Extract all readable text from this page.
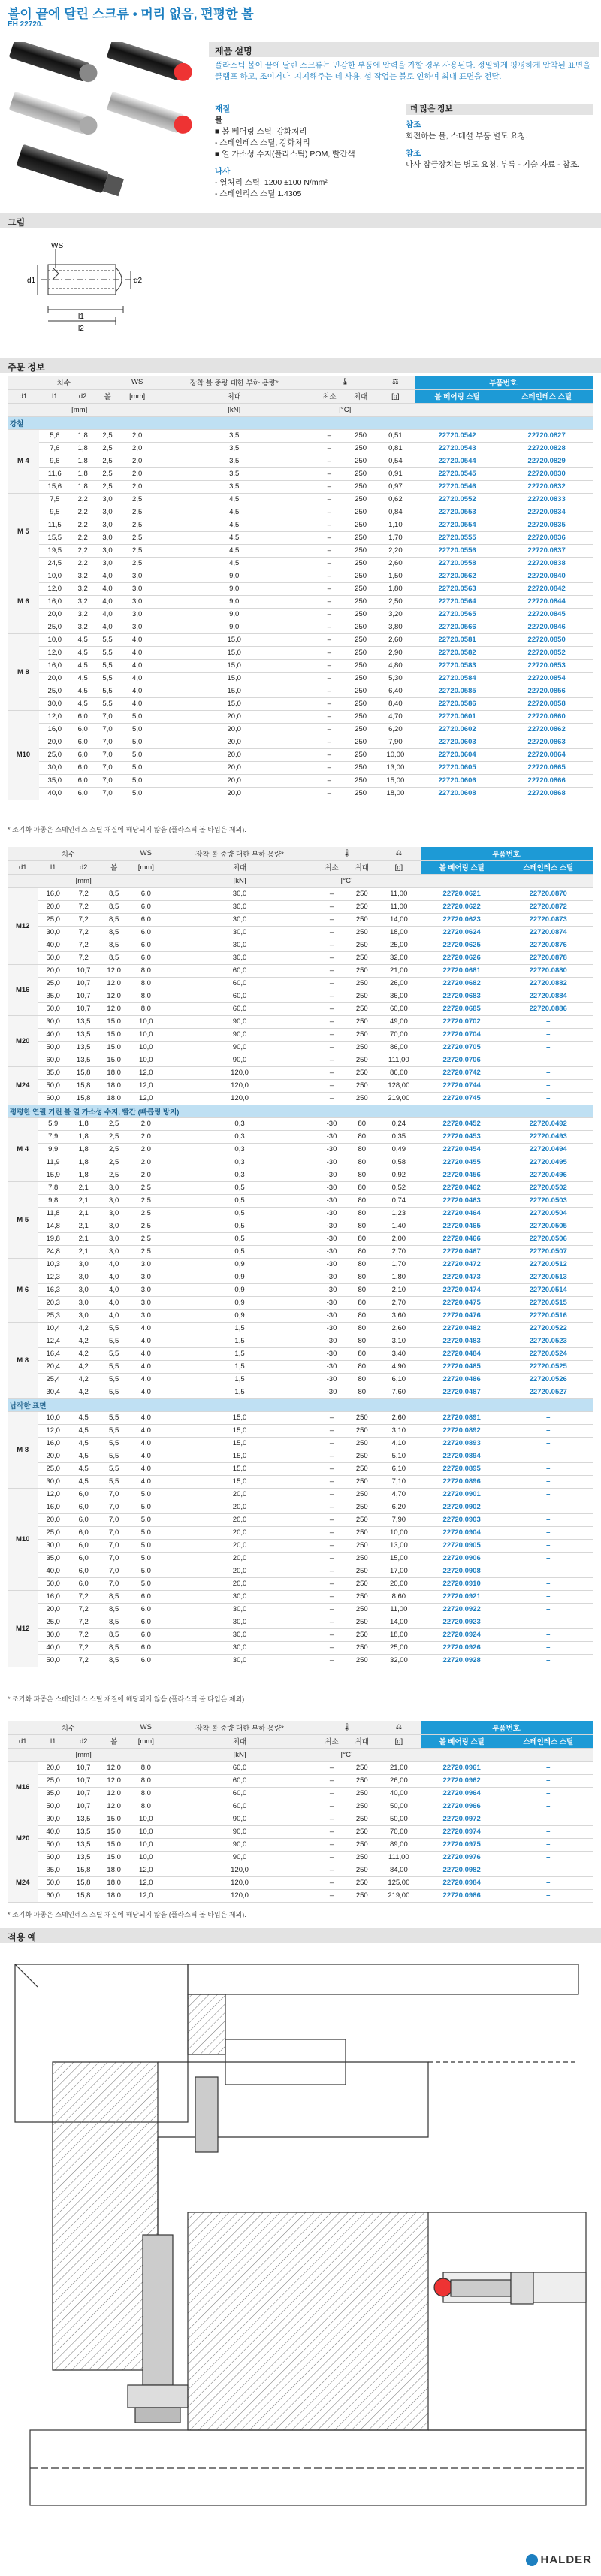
볼이 끝에 달린 스크류 • 머리 없음, 편평한 볼
EH 22720.
제품 설명
플라스틱 볼이 끝에 달린 스크류는 민감한 부품에 압력을 가할 경우 사용된다. 정밀하게 평평하게 압착된 표면을 클램프 하고, 조이거나, 지지해주는 데 사용. 섬 작업는 볼로 인하여 최대 표면을 전달.
재질
볼
■ 볼 베어링 스틸, 강화처리
- 스테인레스 스틸, 강화처리
■ 열 가소성 수지(플라스틱) POM, 빨간색
나사
- 열처리 스틸, 1200 ±100 N/mm²
- 스테인리스 스틸 1.4305
더 많은 정보
참조
회전하는 볼, 스테셜 부품 별도 요청.
참조
나사 잠금장치는 별도 요청. 부록 - 기술 자료 - 참조.
그림
WS
d1	d2
l1
l2
주문 정보
치수				WS	장착 볼 중량 대한 부하 용량*	🌡		⚖	부품번호.	
d1	l1	d2	볼	[mm]	최대	최소	최대	[g]	볼 베어링 스틸	스테인레스 스틸
	[mm]				[kN]	[°C]				
강철										
M 4	5,6	1,8	2,5	2,0	3,5	–	250	0,51	22720.0542	22720.0827
	7,6	1,8	2,5	2,0	3,5	–	250	0,81	22720.0543	22720.0828
	9,6	1,8	2,5	2,0	3,5	–	250	0,54	22720.0544	22720.0829
	11,6	1,8	2,5	2,0	3,5	–	250	0,91	22720.0545	22720.0830
	15,6	1,8	2,5	2,0	3,5	–	250	0,97	22720.0546	22720.0832
M 5	7,5	2,2	3,0	2,5	4,5	–	250	0,62	22720.0552	22720.0833
	9,5	2,2	3,0	2,5	4,5	–	250	0,84	22720.0553	22720.0834
	11,5	2,2	3,0	2,5	4,5	–	250	1,10	22720.0554	22720.0835
	15,5	2,2	3,0	2,5	4,5	–	250	1,70	22720.0555	22720.0836
	19,5	2,2	3,0	2,5	4,5	–	250	2,20	22720.0556	22720.0837
	24,5	2,2	3,0	2,5	4,5	–	250	2,60	22720.0558	22720.0838
M 6	10,0	3,2	4,0	3,0	9,0	–	250	1,50	22720.0562	22720.0840
	12,0	3,2	4,0	3,0	9,0	–	250	1,80	22720.0563	22720.0842
	16,0	3,2	4,0	3,0	9,0	–	250	2,50	22720.0564	22720.0844
	20,0	3,2	4,0	3,0	9,0	–	250	3,20	22720.0565	22720.0845
	25,0	3,2	4,0	3,0	9,0	–	250	3,80	22720.0566	22720.0846
M 8	10,0	4,5	5,5	4,0	15,0	–	250	2,60	22720.0581	22720.0850
	12,0	4,5	5,5	4,0	15,0	–	250	2,90	22720.0582	22720.0852
	16,0	4,5	5,5	4,0	15,0	–	250	4,80	22720.0583	22720.0853
	20,0	4,5	5,5	4,0	15,0	–	250	5,30	22720.0584	22720.0854
	25,0	4,5	5,5	4,0	15,0	–	250	6,40	22720.0585	22720.0856
	30,0	4,5	5,5	4,0	15,0	–	250	8,40	22720.0586	22720.0858
M10	12,0	6,0	7,0	5,0	20,0	–	250	4,70	22720.0601	22720.0860
	16,0	6,0	7,0	5,0	20,0	–	250	6,20	22720.0602	22720.0862
	20,0	6,0	7,0	5,0	20,0	–	250	7,90	22720.0603	22720.0863
	25,0	6,0	7,0	5,0	20,0	–	250	10,00	22720.0604	22720.0864
	30,0	6,0	7,0	5,0	20,0	–	250	13,00	22720.0605	22720.0865
	35,0	6,0	7,0	5,0	20,0	–	250	15,00	22720.0606	22720.0866
	40,0	6,0	7,0	5,0	20,0	–	250	18,00	22720.0608	22720.0868
* 조기화 파종은 스테인레스 스틸 재질에 해당되지 않음 (플라스틱 볼 타입은 제외).
치수				WS	장착 볼 중량 대한 부하 용량*	🌡		⚖	부품번호.	
d1	l1	d2	볼	[mm]	최대	최소	최대	[g]	볼 베어링 스틸	스테인레스 스틸
	[mm]				[kN]	[°C]				
M12	16,0	7,2	8,5	6,0	30,0	–	250	11,00	22720.0621	22720.0870
	20,0	7,2	8,5	6,0	30,0	–	250	11,00	22720.0622	22720.0872
	25,0	7,2	8,5	6,0	30,0	–	250	14,00	22720.0623	22720.0873
	30,0	7,2	8,5	6,0	30,0	–	250	18,00	22720.0624	22720.0874
	40,0	7,2	8,5	6,0	30,0	–	250	25,00	22720.0625	22720.0876
	50,0	7,2	8,5	6,0	30,0	–	250	32,00	22720.0626	22720.0878
M16	20,0	10,7	12,0	8,0	60,0	–	250	21,00	22720.0681	22720.0880
	25,0	10,7	12,0	8,0	60,0	–	250	26,00	22720.0682	22720.0882
	35,0	10,7	12,0	8,0	60,0	–	250	36,00	22720.0683	22720.0884
	50,0	10,7	12,0	8,0	60,0	–	250	60,00	22720.0685	22720.0886
M20	30,0	13,5	15,0	10,0	90,0	–	250	49,00	22720.0702	–
	40,0	13,5	15,0	10,0	90,0	–	250	70,00	22720.0704	–
	50,0	13,5	15,0	10,0	90,0	–	250	86,00	22720.0705	–
	60,0	13,5	15,0	10,0	90,0	–	250	111,00	22720.0706	–
M24	35,0	15,8	18,0	12,0	120,0	–	250	86,00	22720.0742	–
	50,0	15,8	18,0	12,0	120,0	–	250	128,00	22720.0744	–
	60,0	15,8	18,0	12,0	120,0	–	250	219,00	22720.0745	–
평평한 연필 기린 볼 열 가소성 수지, 빨간 (빠릅링 방지)										
M 4	5,9	1,8	2,5	2,0	0,3	-30	80	0,24	22720.0452	22720.0492
	7,9	1,8	2,5	2,0	0,3	-30	80	0,35	22720.0453	22720.0493
	9,9	1,8	2,5	2,0	0,3	-30	80	0,49	22720.0454	22720.0494
	11,9	1,8	2,5	2,0	0,3	-30	80	0,58	22720.0455	22720.0495
	15,9	1,8	2,5	2,0	0,3	-30	80	0,92	22720.0456	22720.0496
M 5	7,8	2,1	3,0	2,5	0,5	-30	80	0,52	22720.0462	22720.0502
	9,8	2,1	3,0	2,5	0,5	-30	80	0,74	22720.0463	22720.0503
	11,8	2,1	3,0	2,5	0,5	-30	80	1,23	22720.0464	22720.0504
	14,8	2,1	3,0	2,5	0,5	-30	80	1,40	22720.0465	22720.0505
	19,8	2,1	3,0	2,5	0,5	-30	80	2,00	22720.0466	22720.0506
	24,8	2,1	3,0	2,5	0,5	-30	80	2,70	22720.0467	22720.0507
M 6	10,3	3,0	4,0	3,0	0,9	-30	80	1,70	22720.0472	22720.0512
	12,3	3,0	4,0	3,0	0,9	-30	80	1,80	22720.0473	22720.0513
	16,3	3,0	4,0	3,0	0,9	-30	80	2,10	22720.0474	22720.0514
	20,3	3,0	4,0	3,0	0,9	-30	80	2,70	22720.0475	22720.0515
	25,3	3,0	4,0	3,0	0,9	-30	80	3,60	22720.0476	22720.0516
M 8	10,4	4,2	5,5	4,0	1,5	-30	80	2,60	22720.0482	22720.0522
	12,4	4,2	5,5	4,0	1,5	-30	80	3,10	22720.0483	22720.0523
	16,4	4,2	5,5	4,0	1,5	-30	80	3,40	22720.0484	22720.0524
	20,4	4,2	5,5	4,0	1,5	-30	80	4,90	22720.0485	22720.0525
	25,4	4,2	5,5	4,0	1,5	-30	80	6,10	22720.0486	22720.0526
	30,4	4,2	5,5	4,0	1,5	-30	80	7,60	22720.0487	22720.0527
납작한 표면										
M 8	10,0	4,5	5,5	4,0	15,0	–	250	2,60	22720.0891	–
	12,0	4,5	5,5	4,0	15,0	–	250	3,10	22720.0892	–
	16,0	4,5	5,5	4,0	15,0	–	250	4,10	22720.0893	–
	20,0	4,5	5,5	4,0	15,0	–	250	5,10	22720.0894	–
	25,0	4,5	5,5	4,0	15,0	–	250	6,10	22720.0895	–
	30,0	4,5	5,5	4,0	15,0	–	250	7,10	22720.0896	–
M10	12,0	6,0	7,0	5,0	20,0	–	250	4,70	22720.0901	–
	16,0	6,0	7,0	5,0	20,0	–	250	6,20	22720.0902	–
	20,0	6,0	7,0	5,0	20,0	–	250	7,90	22720.0903	–
	25,0	6,0	7,0	5,0	20,0	–	250	10,00	22720.0904	–
	30,0	6,0	7,0	5,0	20,0	–	250	13,00	22720.0905	–
	35,0	6,0	7,0	5,0	20,0	–	250	15,00	22720.0906	–
	40,0	6,0	7,0	5,0	20,0	–	250	17,00	22720.0908	–
	50,0	6,0	7,0	5,0	20,0	–	250	20,00	22720.0910	–
M12	16,0	7,2	8,5	6,0	30,0	–	250	8,60	22720.0921	–
	20,0	7,2	8,5	6,0	30,0	–	250	11,00	22720.0922	–
	25,0	7,2	8,5	6,0	30,0	–	250	14,00	22720.0923	–
	30,0	7,2	8,5	6,0	30,0	–	250	18,00	22720.0924	–
	40,0	7,2	8,5	6,0	30,0	–	250	25,00	22720.0926	–
	50,0	7,2	8,5	6,0	30,0	–	250	32,00	22720.0928	–
* 조기화 파종은 스테인레스 스틸 재질에 해당되지 않음 (플라스틱 볼 타입은 제외).
치수				WS	장착 볼 중량 대한 부하 용량*	🌡		⚖	부품번호.	
d1	l1	d2	볼	[mm]	최대	최소	최대	[g]	볼 베어링 스틸	스테인레스 스틸
	[mm]				[kN]	[°C]				
M16	20,0	10,7	12,0	8,0	60,0	–	250	21,00	22720.0961	–
	25,0	10,7	12,0	8,0	60,0	–	250	26,00	22720.0962	–
	35,0	10,7	12,0	8,0	60,0	–	250	40,00	22720.0964	–
	50,0	10,7	12,0	8,0	60,0	–	250	50,00	22720.0966	–
M20	30,0	13,5	15,0	10,0	90,0	–	250	50,00	22720.0972	–
	40,0	13,5	15,0	10,0	90,0	–	250	70,00	22720.0974	–
	50,0	13,5	15,0	10,0	90,0	–	250	89,00	22720.0975	–
	60,0	13,5	15,0	10,0	90,0	–	250	111,00	22720.0976	–
M24	35,0	15,8	18,0	12,0	120,0	–	250	84,00	22720.0982	–
	50,0	15,8	18,0	12,0	120,0	–	250	125,00	22720.0984	–
	60,0	15,8	18,0	12,0	120,0	–	250	219,00	22720.0986	–
* 조기화 파종은 스테인레스 스틸 재질에 해당되지 않음 (플라스틱 볼 타입은 제외).
적용 예
HALDER
